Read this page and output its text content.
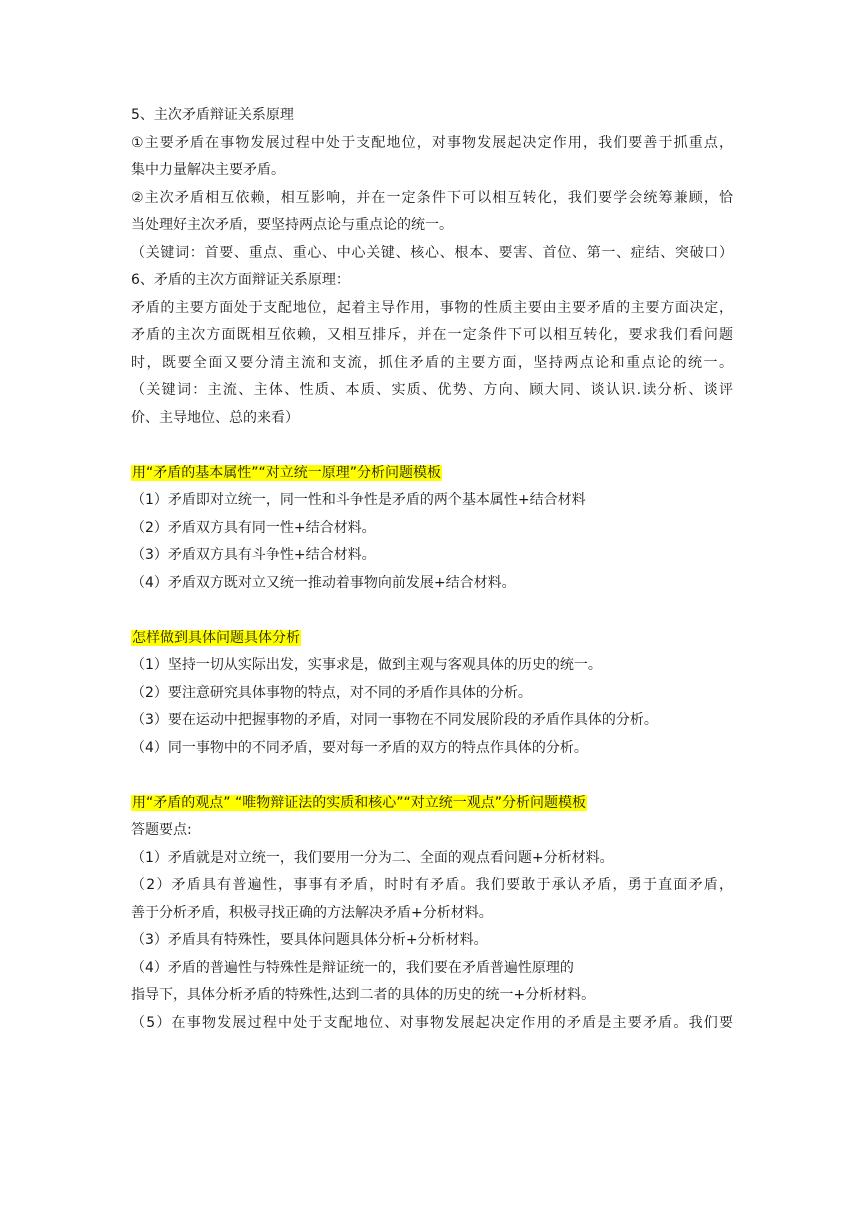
5、主次矛盾辩证关系原理
①主要矛盾在事物发展过程中处于支配地位，对事物发展起决定作用，我们要善于抓重点，
集中力量解决主要矛盾。
②主次矛盾相互依赖，相互影响，并在一定条件下可以相互转化，我们要学会统筹兼顾，恰
当处理好主次矛盾，要坚持两点论与重点论的统一。
（关键词：首要、重点、重心、中心关键、核心、根本、要害、首位、第一、症结、突破口）
6、矛盾的主次方面辩证关系原理：
矛盾的主要方面处于支配地位，起着主导作用，事物的性质主要由主要矛盾的主要方面决定，
矛盾的主次方面既相互依赖，又相互排斥，并在一定条件下可以相互转化，要求我们看问题
时，既要全面又要分清主流和支流，抓住矛盾的主要方面，坚持两点论和重点论的统一。
（关键词：主流、主体、性质、本质、实质、优势、方向、顾大同、谈认识.读分析、谈评
价、主导地位、总的来看）
用“矛盾的基本属性”“对立统一原理”分析问题模板
（1）矛盾即对立统一，同一性和斗争性是矛盾的两个基本属性+结合材料
（2）矛盾双方具有同一性+结合材料。
（3）矛盾双方具有斗争性+结合材料。
（4）矛盾双方既对立又统一推动着事物向前发展+结合材料。
怎样做到具体问题具体分析
（1）坚持一切从实际出发，实事求是，做到主观与客观具体的历史的统一。
（2）要注意研究具体事物的特点，对不同的矛盾作具体的分析。
（3）要在运动中把握事物的矛盾，对同一事物在不同发展阶段的矛盾作具体的分析。
（4）同一事物中的不同矛盾，要对每一矛盾的双方的特点作具体的分析。
用“矛盾的观点” “唯物辩证法的实质和核心”“对立统一观点”分析问题模板
答题要点:
（1）矛盾就是对立统一，我们要用一分为二、全面的观点看问题+分析材料。
（2）矛盾具有普遍性，事事有矛盾，时时有矛盾。我们要敢于承认矛盾，勇于直面矛盾，
善于分析矛盾，积极寻找正确的方法解决矛盾+分析材料。
（3）矛盾具有特殊性，要具体问题具体分析+分析材料。
（4）矛盾的普遍性与特殊性是辩证统一的，我们要在矛盾普遍性原理的
指导下，具体分析矛盾的特殊性,达到二者的具体的历史的统一+分析材料。
（5）在事物发展过程中处于支配地位、对事物发展起决定作用的矛盾是主要矛盾。我们要
